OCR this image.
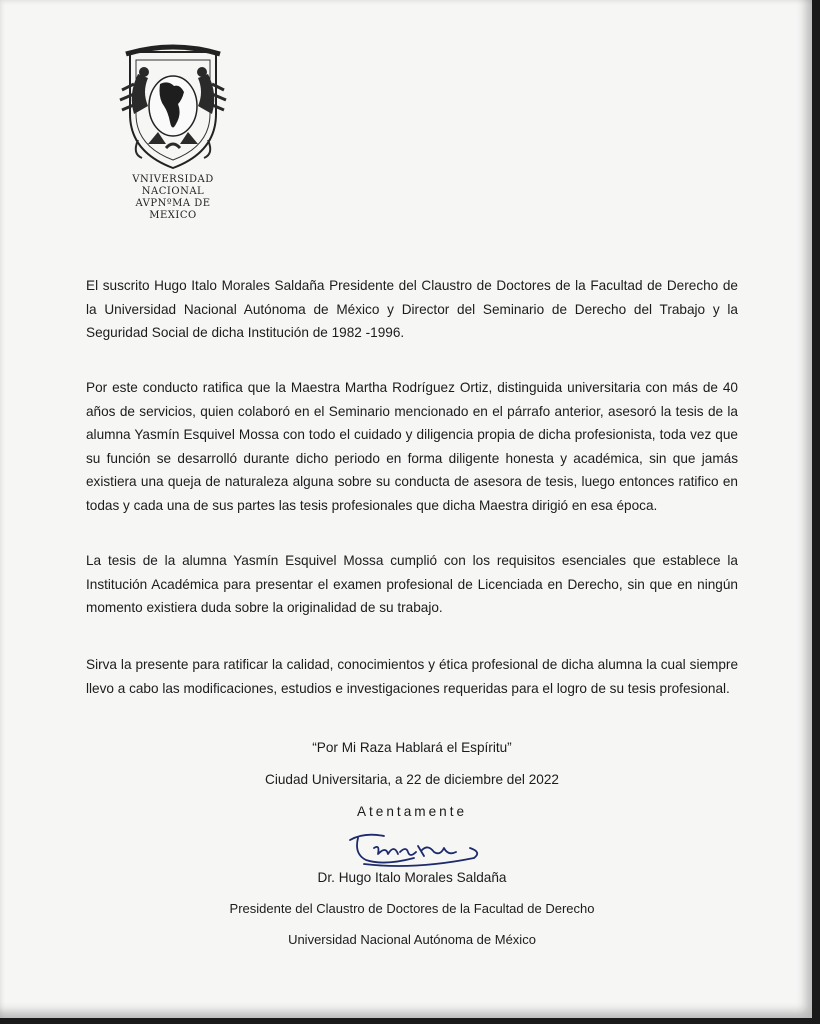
VNIVERSIDAD NACIONAL
AVPNºMA DE
MEXICO

El suscrito Hugo Italo Morales Saldaña Presidente del Claustro de Doctores de la Facultad de Derecho de la Universidad Nacional Autónoma de México y Director del Seminario de Derecho del Trabajo y la Seguridad Social de dicha Institución de 1982 -1996.

Por este conducto ratifica que la Maestra Martha Rodríguez Ortiz, distinguida universitaria con más de 40 años de servicios, quien colaboró en el Seminario mencionado en el párrafo anterior, asesoró la tesis de la alumna Yasmín Esquivel Mossa con todo el cuidado y diligencia propia de dicha profesionista, toda vez que su función se desarrolló durante dicho periodo en forma diligente honesta y académica, sin que jamás existiera una queja de naturaleza alguna sobre su conducta de asesora de tesis, luego entonces ratifico en todas y cada una de sus partes las tesis profesionales que dicha Maestra dirigió en esa época.

La tesis de la alumna Yasmín Esquivel Mossa cumplió con los requisitos esenciales que establece la Institución Académica para presentar el examen profesional de Licenciada en Derecho, sin que en ningún momento existiera duda sobre la originalidad de su trabajo.

Sirva la presente para ratificar la calidad, conocimientos y ética profesional de dicha alumna la cual siempre llevo a cabo las modificaciones, estudios e investigaciones requeridas para el logro de su tesis profesional.

“Por Mi Raza Hablará el Espíritu”

Ciudad Universitaria, a 22 de diciembre del 2022

Atentamente

Dr. Hugo Italo Morales Saldaña

Presidente del Claustro de Doctores de la Facultad de Derecho

Universidad Nacional Autónoma de México
